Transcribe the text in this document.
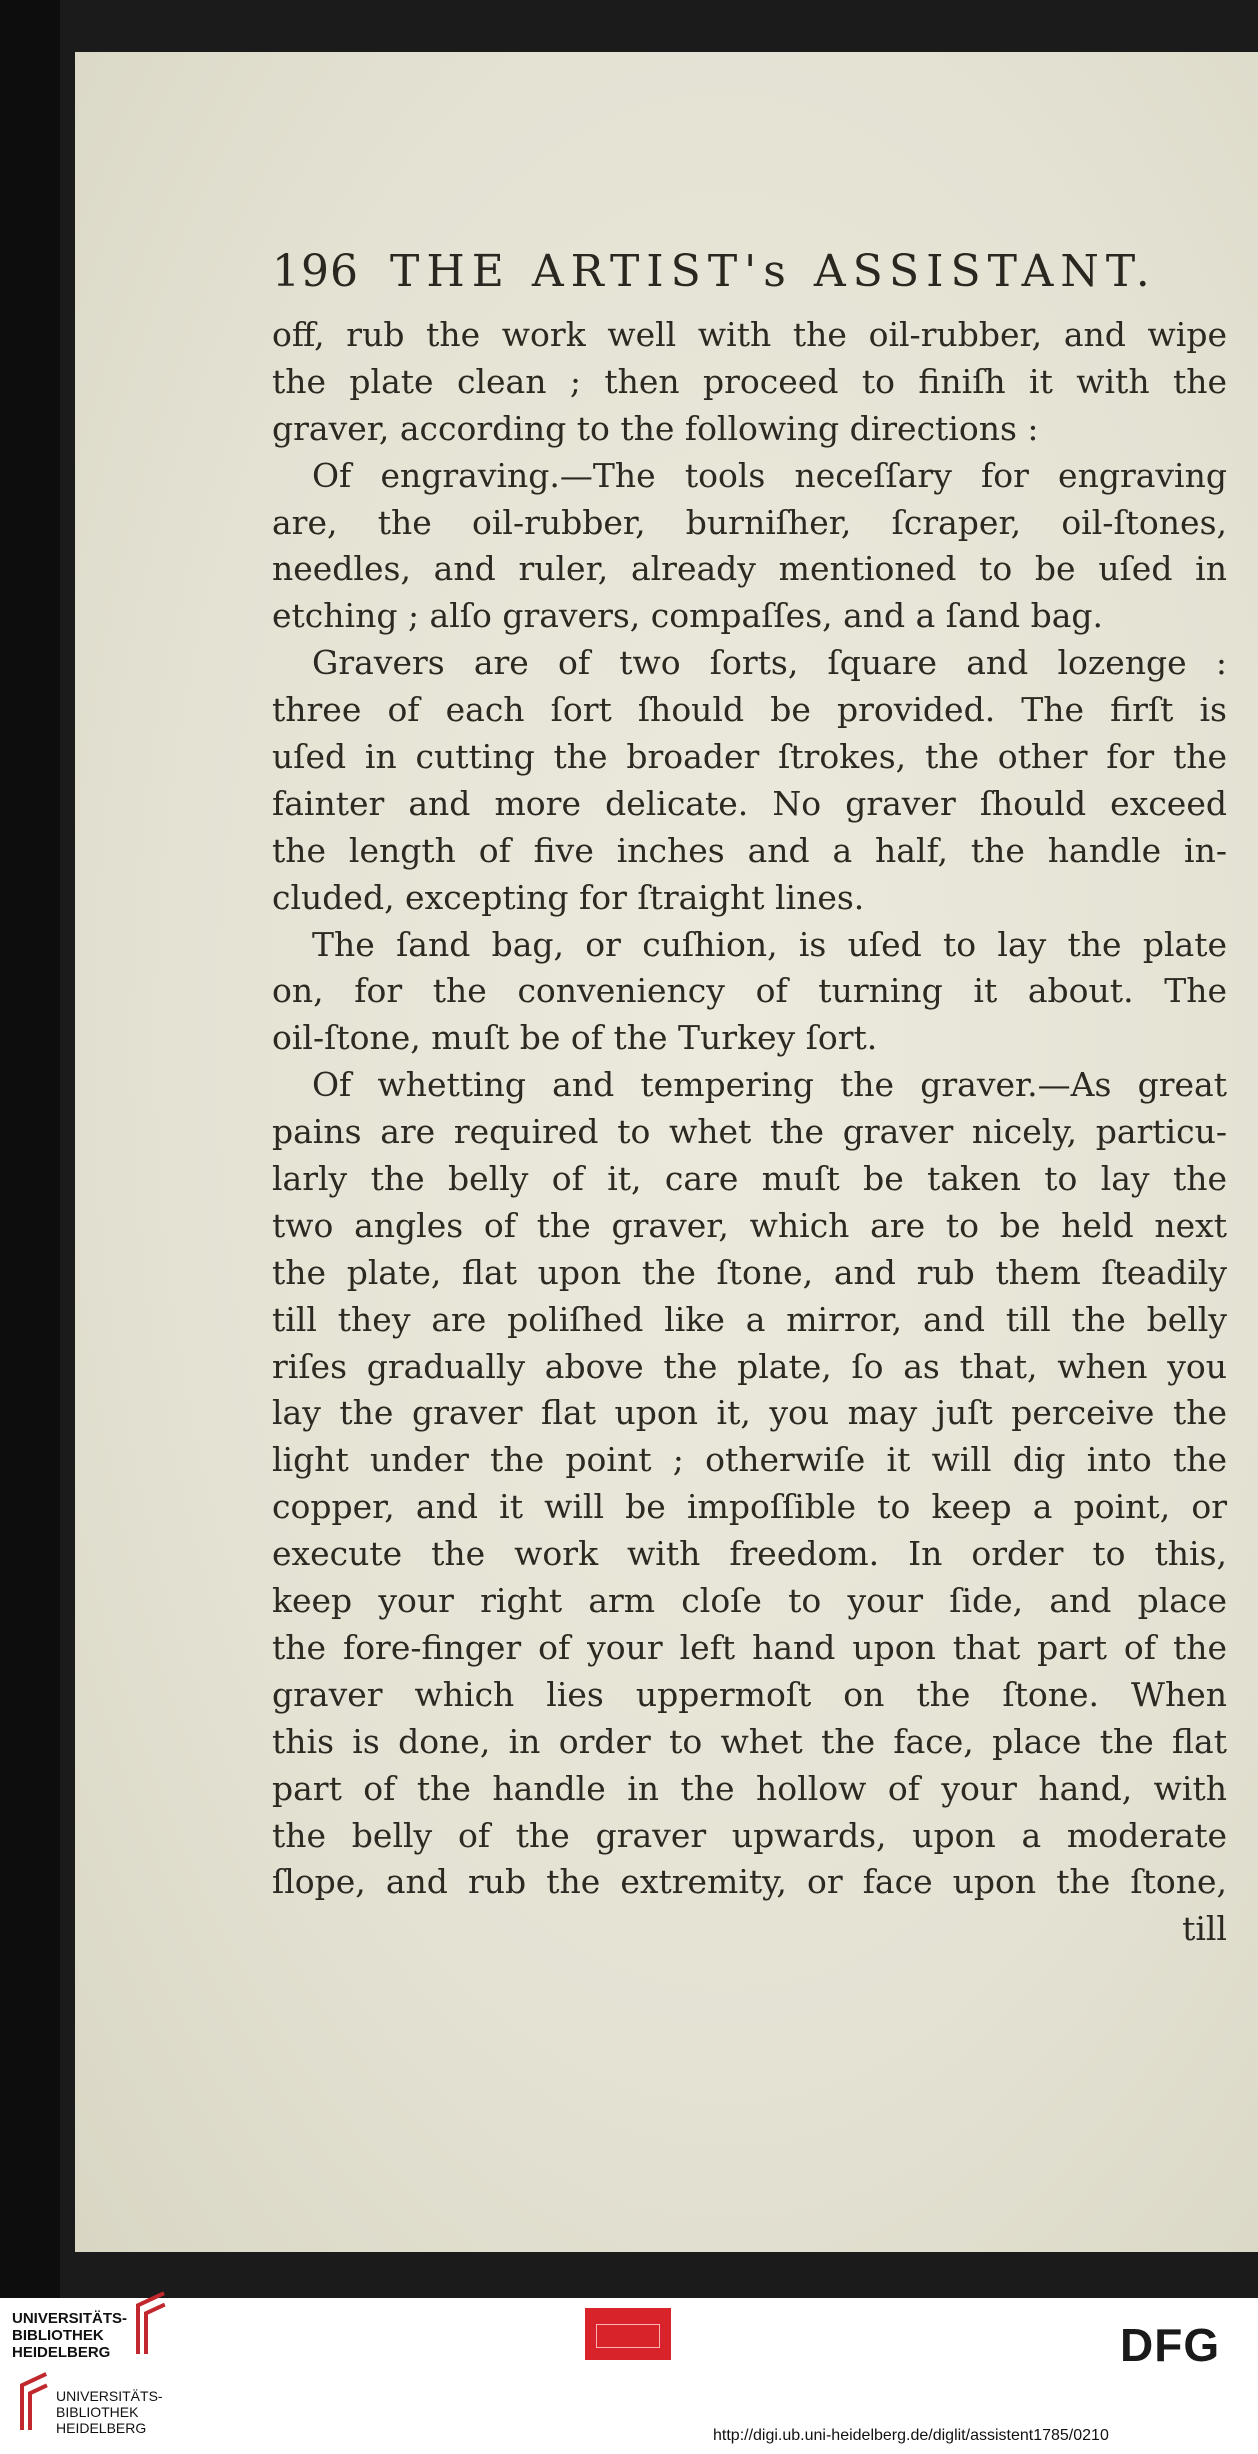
196 THE ARTIST's ASSISTANT.
off, rub the work well with the oil-rubber, and wipe
the plate clean ; then proceed to finiſh it with the
graver, according to the following directions :
Of engraving.—The tools neceſſary for engraving
are, the oil-rubber, burniſher, ſcraper, oil-ſtones,
needles, and ruler, already mentioned to be uſed in
etching ; alſo gravers, compaſſes, and a ſand bag.
Gravers are of two ſorts, ſquare and lozenge :
three of each ſort ſhould be provided. The firſt is
uſed in cutting the broader ſtrokes, the other for the
fainter and more delicate. No graver ſhould exceed
the length of five inches and a half, the handle in-
cluded, excepting for ſtraight lines.
The ſand bag, or cuſhion, is uſed to lay the plate
on, for the conveniency of turning it about. The
oil-ſtone, muſt be of the Turkey ſort.
Of whetting and tempering the graver.—As great
pains are required to whet the graver nicely, particu-
larly the belly of it, care muſt be taken to lay the
two angles of the graver, which are to be held next
the plate, flat upon the ſtone, and rub them ſteadily
till they are poliſhed like a mirror, and till the belly
riſes gradually above the plate, ſo as that, when you
lay the graver flat upon it, you may juſt perceive the
light under the point ; otherwiſe it will dig into the
copper, and it will be impoſſible to keep a point, or
execute the work with freedom. In order to this,
keep your right arm cloſe to your ſide, and place
the fore-finger of your left hand upon that part of the
graver which lies uppermoſt on the ſtone. When
this is done, in order to whet the face, place the flat
part of the handle in the hollow of your hand, with
the belly of the graver upwards, upon a moderate
ſlope, and rub the extremity, or face upon the ſtone,
till
UNIVERSITÄTS-
BIBLIOTHEK
UNIVERSITÄTS-
BIBLIOTHEK
HEIDELBERG
DFG
http://digi.ub.uni-heidelberg.de/diglit/assistent1785/0210
